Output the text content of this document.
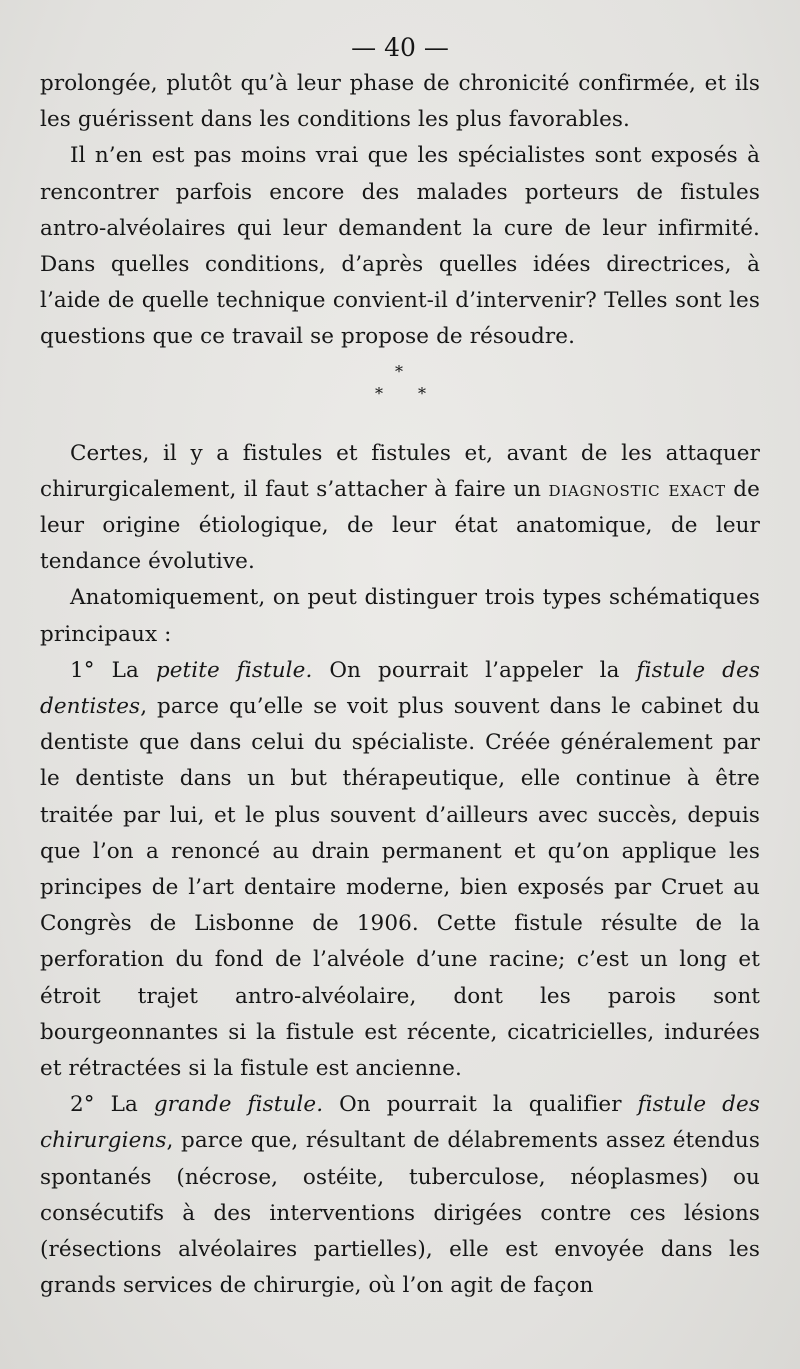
— 40 —

prolongée, plutôt qu’à leur phase de chronicité confirmée, et ils les guérissent dans les conditions les plus favorables.

Il n’en est pas moins vrai que les spécialistes sont exposés à rencontrer parfois encore des malades porteurs de fistules antro-alvéolaires qui leur demandent la cure de leur infirmité. Dans quelles conditions, d’après quelles idées directrices, à l’aide de quelle technique convient-il d’intervenir? Telles sont les questions que ce travail se propose de résoudre.

*
* *

Certes, il y a fistules et fistules et, avant de les attaquer chirurgicalement, il faut s’attacher à faire un diagnostic exact de leur origine étiologique, de leur état anatomique, de leur tendance évolutive.

Anatomiquement, on peut distinguer trois types schématiques principaux :

1° La petite fistule. On pourrait l’appeler la fistule des dentistes, parce qu’elle se voit plus souvent dans le cabinet du dentiste que dans celui du spécialiste. Créée généralement par le dentiste dans un but thérapeutique, elle continue à être traitée par lui, et le plus souvent d’ailleurs avec succès, depuis que l’on a renoncé au drain permanent et qu’on applique les principes de l’art dentaire moderne, bien exposés par Cruet au Congrès de Lisbonne de 1906. Cette fistule résulte de la perforation du fond de l’alvéole d’une racine; c’est un long et étroit trajet antro-alvéolaire, dont les parois sont bourgeonnantes si la fistule est récente, cicatricielles, indurées et rétractées si la fistule est ancienne.

2° La grande fistule. On pourrait la qualifier fistule des chirurgiens, parce que, résultant de délabrements assez étendus spontanés (nécrose, ostéite, tuberculose, néoplasmes) ou consécutifs à des interventions dirigées contre ces lésions (résections alvéolaires partielles), elle est envoyée dans les grands services de chirurgie, où l’on agit de façon
